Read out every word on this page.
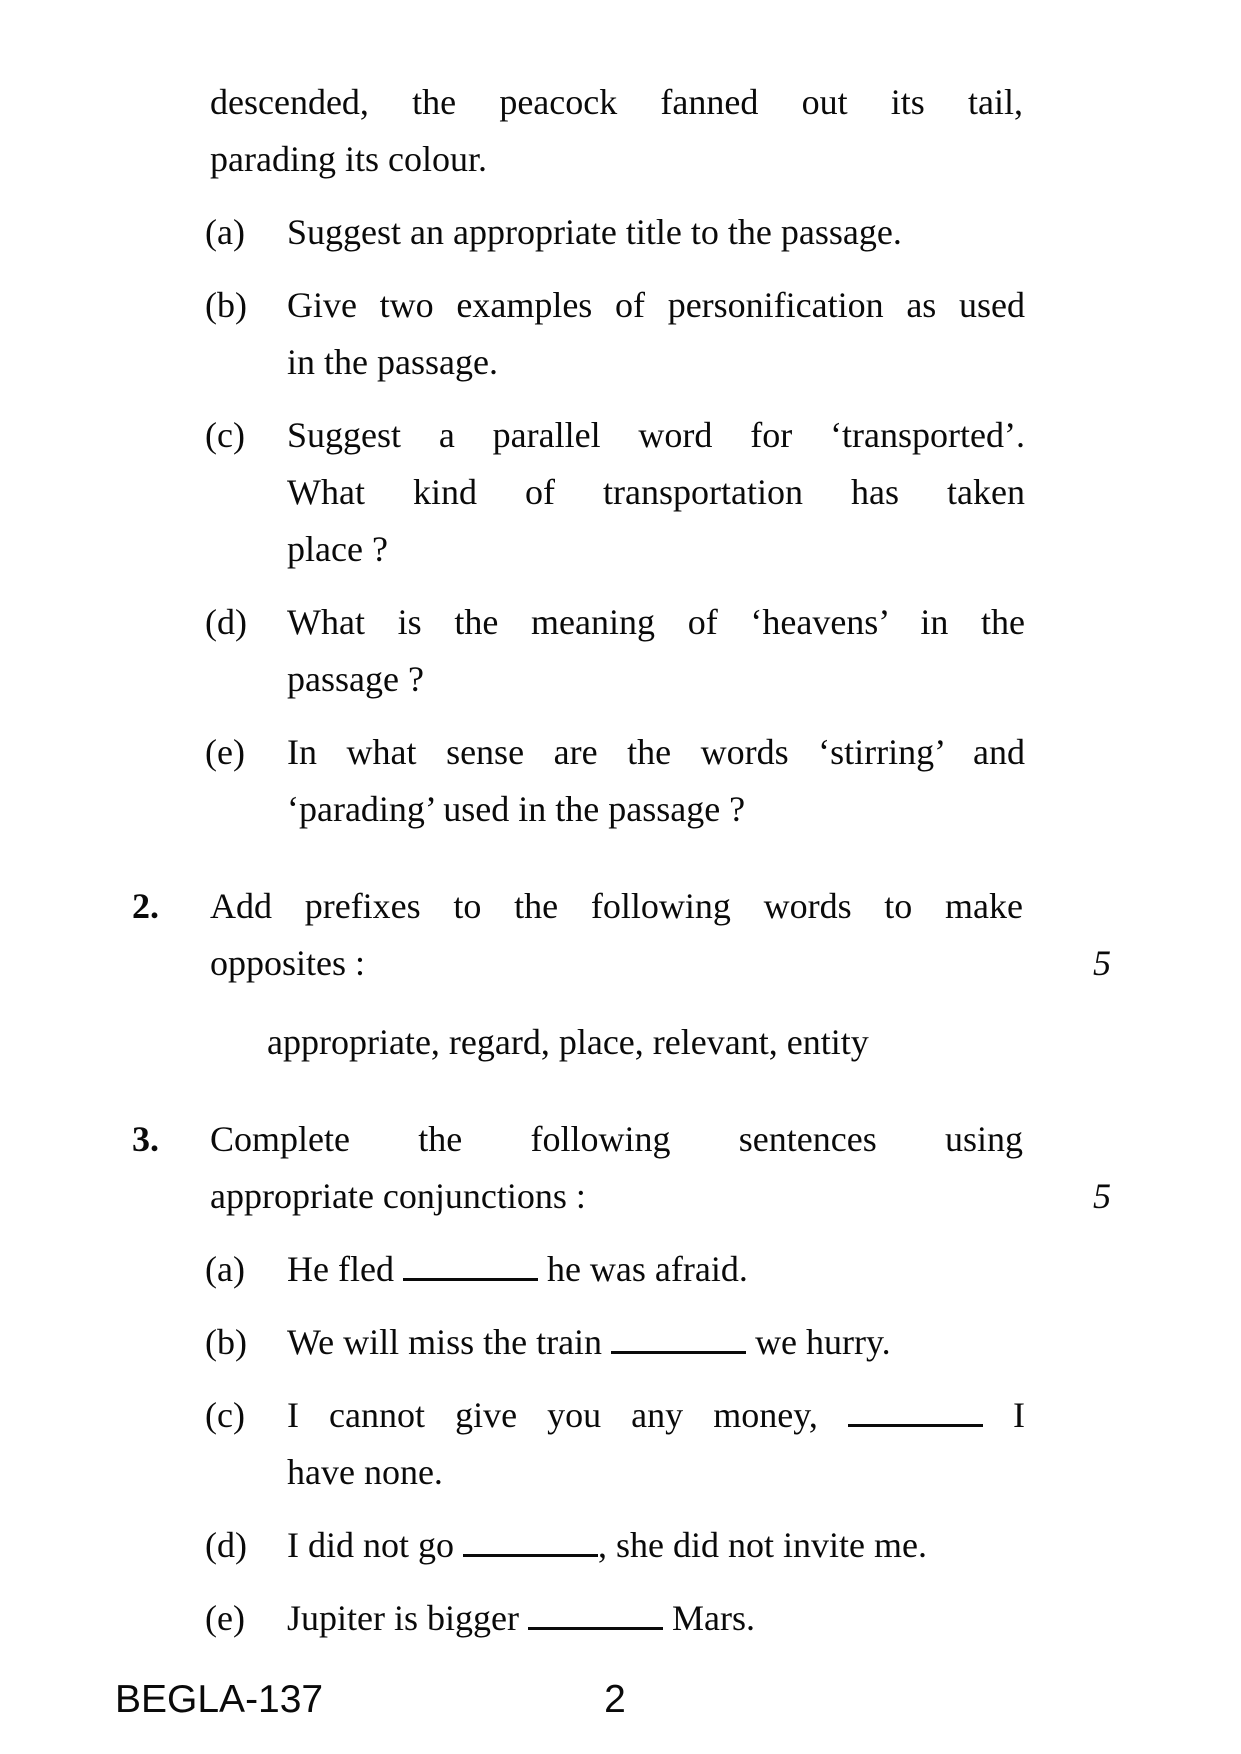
descended, the peacock fanned out its tail,
parading its colour.
(a)	Suggest an appropriate title to the passage.
(b)	Give two examples of personification as used
in the passage.
(c)	Suggest a parallel word for ‘transported’.
What kind of transportation has taken
place ?
(d)	What is the meaning of ‘heavens’ in the
passage ?
(e)	In what sense are the words ‘stirring’ and
‘parading’ used in the passage ?
2.	Add prefixes to the following words to make
opposites :	5
appropriate, regard, place, relevant, entity
3.	Complete the following sentences using
appropriate conjunctions :	5
(a)	He fled	he was afraid.
(b)	We will miss the train	we hurry.
(c)	I cannot give you any money,	I
have none.
(d)	I did not go	, she did not invite me.
(e)	Jupiter is bigger	Mars.
BEGLA-137	2
